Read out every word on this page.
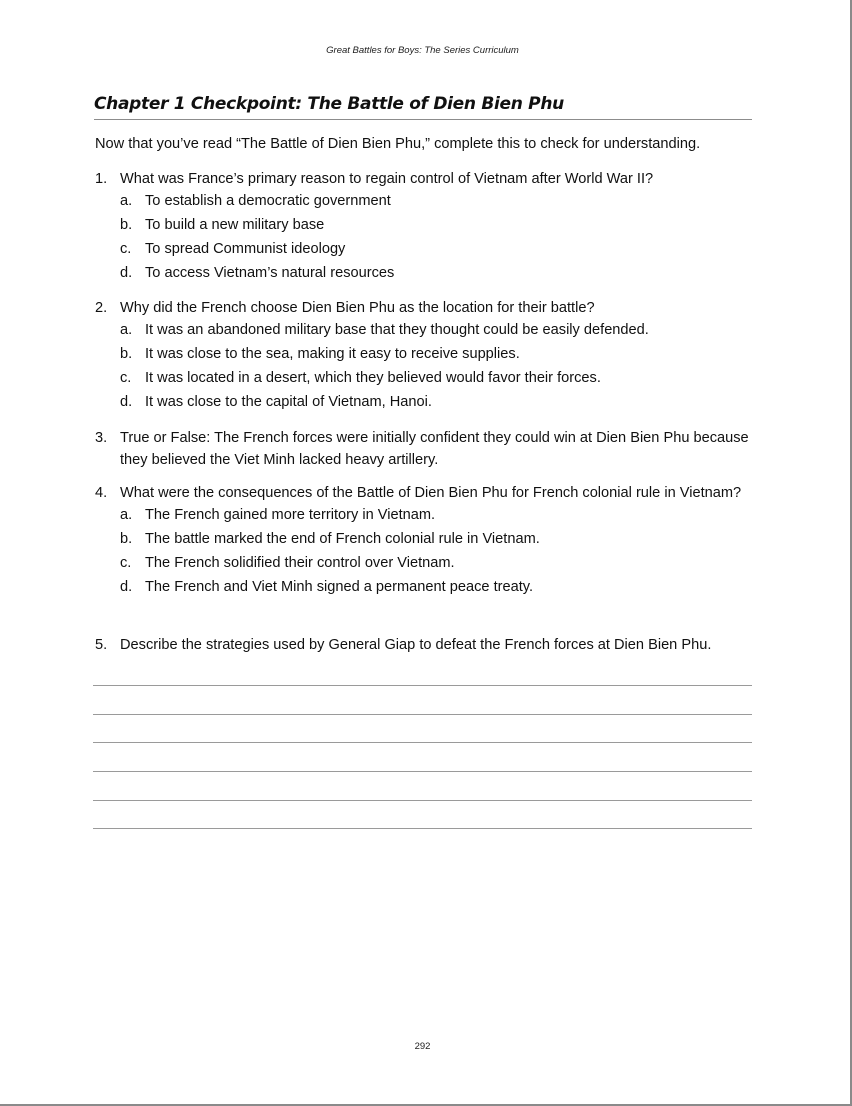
Great Battles for Boys: The Series Curriculum
Chapter 1 Checkpoint: The Battle of Dien Bien Phu
Now that you’ve read “The Battle of Dien Bien Phu,” complete this to check for understanding.
1. What was France’s primary reason to regain control of Vietnam after World War II?
a. To establish a democratic government
b. To build a new military base
c. To spread Communist ideology
d. To access Vietnam’s natural resources
2. Why did the French choose Dien Bien Phu as the location for their battle?
a. It was an abandoned military base that they thought could be easily defended.
b. It was close to the sea, making it easy to receive supplies.
c. It was located in a desert, which they believed would favor their forces.
d. It was close to the capital of Vietnam, Hanoi.
3. True or False: The French forces were initially confident they could win at Dien Bien Phu because they believed the Viet Minh lacked heavy artillery.
4. What were the consequences of the Battle of Dien Bien Phu for French colonial rule in Vietnam?
a. The French gained more territory in Vietnam.
b. The battle marked the end of French colonial rule in Vietnam.
c. The French solidified their control over Vietnam.
d. The French and Viet Minh signed a permanent peace treaty.
5. Describe the strategies used by General Giap to defeat the French forces at Dien Bien Phu.
292
